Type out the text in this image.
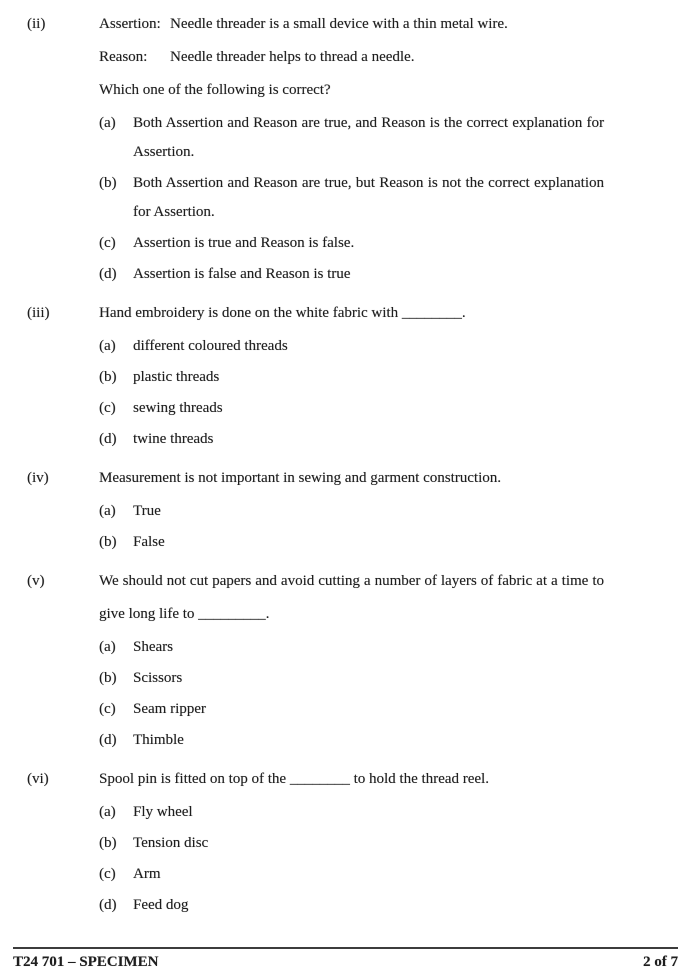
(ii)	Assertion: Needle threader is a small device with a thin metal wire.

Reason: Needle threader helps to thread a needle.

Which one of the following is correct?

(a)	Both Assertion and Reason are true, and Reason is the correct explanation for Assertion.
(b)	Both Assertion and Reason are true, but Reason is not the correct explanation for Assertion.
(c)	Assertion is true and Reason is false.
(d)	Assertion is false and Reason is true
(iii)	Hand embroidery is done on the white fabric with ________.

(a)	different coloured threads
(b)	plastic threads
(c)	sewing threads
(d)	twine threads
(iv)	Measurement is not important in sewing and garment construction.

(a)	True
(b)	False
(v)	We should not cut papers and avoid cutting a number of layers of fabric at a time to give long life to _________.

(a)	Shears
(b)	Scissors
(c)	Seam ripper
(d)	Thimble
(vi)	Spool pin is fitted on top of the ________ to hold the thread reel.

(a)	Fly wheel
(b)	Tension disc
(c)	Arm
(d)	Feed dog
T24 701 – SPECIMEN	2 of 7
